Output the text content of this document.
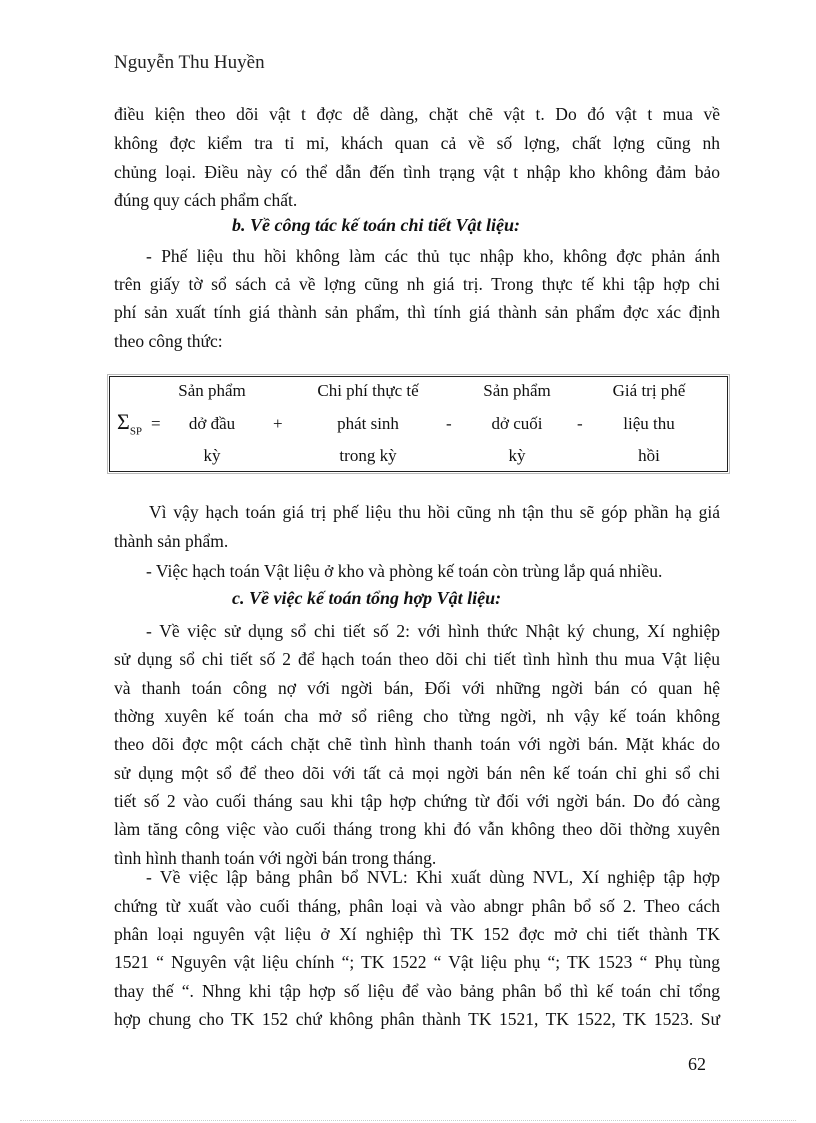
Nguyễn Thu Huyền
điều kiện theo dõi vật t đợc dễ dàng, chặt chẽ vật t. Do đó vật t mua về
không đợc kiểm tra tỉ mỉ, khách quan cả về số lợng, chất lợng cũng nh
chủng loại. Điều này có thể dẫn đến tình trạng vật t nhập kho không đảm bảo
đúng quy cách phẩm chất.
b. Về công tác kế toán chi tiết Vật liệu:
- Phế liệu thu hồi không làm các thủ tục nhập kho, không đợc phản ánh
trên giấy tờ sổ sách cả về lợng cũng nh giá trị. Trong thực tế khi tập hợp chi
phí sản xuất tính giá thành sản phẩm, thì tính giá thành sản phẩm đợc xác định
theo công thức:
$\Sigma_{SP}$ =
Sản phẩm
dở đầu
kỳ
+
Chi phí thực tế
phát sinh
trong kỳ
-
Sản phẩm
dở cuối
kỳ
-
Giá trị phế
liệu thu
hồi
Vì vậy hạch toán giá trị phế liệu thu hồi cũng nh tận thu sẽ góp phần hạ giá
thành sản phẩm.
- Việc hạch toán Vật liệu ở kho và phòng kế toán còn trùng lắp quá nhiều.
c. Về việc kế toán tổng hợp Vật liệu:
- Về việc sử dụng sổ chi tiết số 2: với hình thức Nhật ký chung, Xí nghiệp
sử dụng sổ chi tiết số 2 để hạch toán theo dõi chi tiết tình hình thu mua Vật liệu
và thanh toán công nợ với ngời bán, Đối với những ngời bán có quan hệ
thờng xuyên kế toán cha mở sổ riêng cho từng ngời, nh vậy kế toán không
theo dõi đợc một cách chặt chẽ tình hình thanh toán với ngời bán. Mặt khác do
sử dụng một sổ để theo dõi với tất cả mọi ngời bán nên kế toán chỉ ghi sổ chi
tiết số 2 vào cuối tháng sau khi tập hợp chứng từ đối với ngời bán. Do đó càng
làm tăng công việc vào cuối tháng trong khi đó vẫn không theo dõi thờng xuyên
tình hình thanh toán với ngời bán trong tháng.
- Về việc lập bảng phân bổ NVL: Khi xuất dùng NVL, Xí nghiệp tập hợp
chứng từ xuất vào cuối tháng, phân loại và vào abngr phân bổ số 2. Theo cách
phân loại nguyên vật liệu ở Xí nghiệp thì TK 152 đợc mở chi tiết thành TK
1521 “ Nguyên vật liệu chính “; TK 1522 “ Vật liệu phụ “; TK 1523 “ Phụ tùng
thay thế “. Nhng khi tập hợp số liệu để vào bảng phân bổ thì kế toán chỉ tổng
hợp chung cho TK 152 chứ không phân thành TK 1521, TK 1522, TK 1523. Sư
62
